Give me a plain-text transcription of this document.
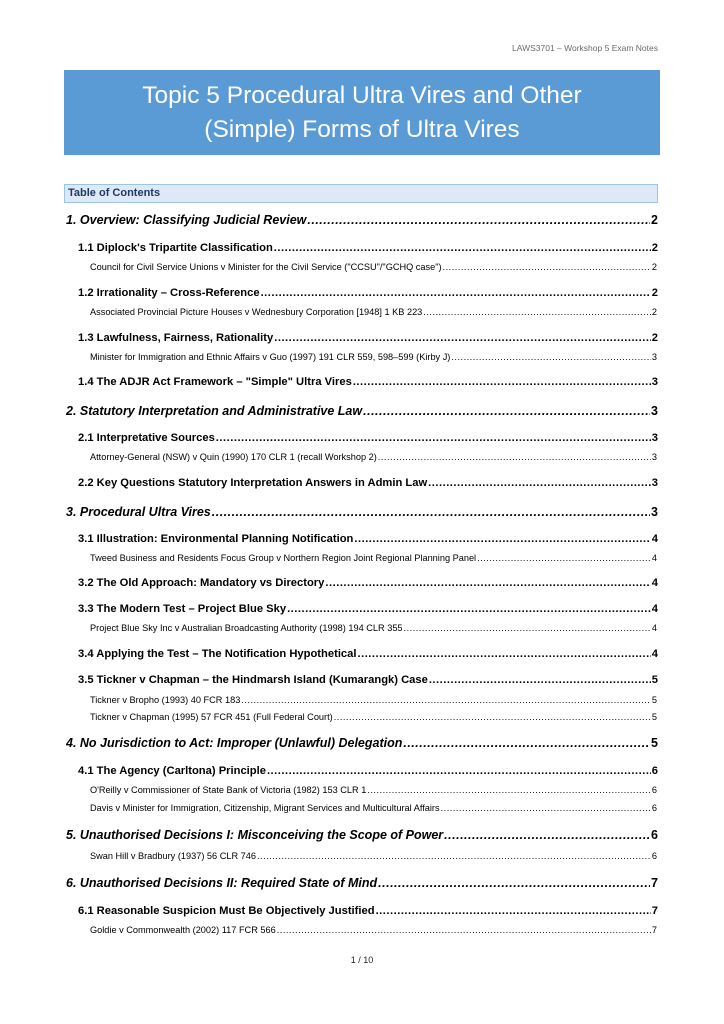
LAWS3701 – Workshop 5 Exam Notes
Topic 5 Procedural Ultra Vires and Other
(Simple) Forms of Ultra Vires
Table of Contents
1. Overview: Classifying Judicial Review .....	2
1.1 Diplock's Tripartite Classification .....	2
Council for Civil Service Unions v Minister for the Civil Service ("CCSU"/"GCHQ case") .....	2
1.2 Irrationality – Cross-Reference .....	2
Associated Provincial Picture Houses v Wednesbury Corporation [1948] 1 KB 223 .....	2
1.3 Lawfulness, Fairness, Rationality .....	2
Minister for Immigration and Ethnic Affairs v Guo (1997) 191 CLR 559, 598–599 (Kirby J) .....	3
1.4 The ADJR Act Framework – "Simple" Ultra Vires .....	3
2. Statutory Interpretation and Administrative Law .....	3
2.1 Interpretative Sources .....	3
Attorney-General (NSW) v Quin (1990) 170 CLR 1 (recall Workshop 2) .....	3
2.2 Key Questions Statutory Interpretation Answers in Admin Law .....	3
3. Procedural Ultra Vires .....	3
3.1 Illustration: Environmental Planning Notification .....	4
Tweed Business and Residents Focus Group v Northern Region Joint Regional Planning Panel .....	4
3.2 The Old Approach: Mandatory vs Directory .....	4
3.3 The Modern Test – Project Blue Sky .....	4
Project Blue Sky Inc v Australian Broadcasting Authority (1998) 194 CLR 355 .....	4
3.4 Applying the Test – The Notification Hypothetical .....	4
3.5 Tickner v Chapman – the Hindmarsh Island (Kumarangk) Case .....	5
Tickner v Bropho (1993) 40 FCR 183 .....	5
Tickner v Chapman (1995) 57 FCR 451 (Full Federal Court) .....	5
4. No Jurisdiction to Act: Improper (Unlawful) Delegation .....	5
4.1 The Agency (Carltona) Principle .....	6
O'Reilly v Commissioner of State Bank of Victoria (1982) 153 CLR 1 .....	6
Davis v Minister for Immigration, Citizenship, Migrant Services and Multicultural Affairs .....	6
5. Unauthorised Decisions I: Misconceiving the Scope of Power .....	6
Swan Hill v Bradbury (1937) 56 CLR 746 .....	6
6. Unauthorised Decisions II: Required State of Mind .....	7
6.1 Reasonable Suspicion Must Be Objectively Justified .....	7
Goldie v Commonwealth (2002) 117 FCR 566 .....	7
1 / 10
